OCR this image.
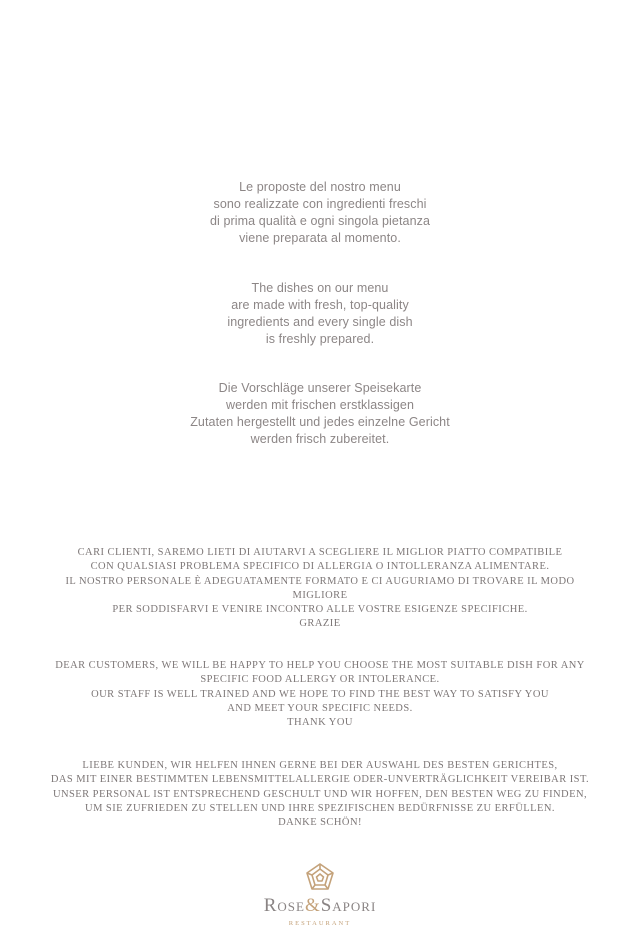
Le proposte del nostro menu
sono realizzate con ingredienti freschi
di prima qualità e ogni singola pietanza
viene preparata al momento.
The dishes on our menu
are made with fresh, top-quality
ingredients and every single dish
is freshly prepared.
Die Vorschläge unserer Speisekarte
werden mit frischen erstklassigen
Zutaten hergestellt und jedes einzelne Gericht
werden frisch zubereitet.
CARI CLIENTI, SAREMO LIETI DI AIUTARVI A SCEGLIERE IL MIGLIOR PIATTO COMPATIBILE
CON QUALSIASI PROBLEMA SPECIFICO DI ALLERGIA O INTOLLERANZA ALIMENTARE.
IL NOSTRO PERSONALE È ADEGUATAMENTE FORMATO E CI AUGURIAMO DI TROVARE IL MODO
MIGLIORE
PER SODDISFARVI E VENIRE INCONTRO ALLE VOSTRE ESIGENZE SPECIFICHE.
GRAZIE
DEAR CUSTOMERS, WE WILL BE HAPPY TO HELP YOU CHOOSE THE MOST SUITABLE DISH FOR ANY
SPECIFIC FOOD ALLERGY OR INTOLERANCE.
OUR STAFF IS WELL TRAINED AND WE HOPE TO FIND THE BEST WAY TO SATISFY YOU
AND MEET YOUR SPECIFIC NEEDS.
THANK YOU
LIEBE KUNDEN, WIR HELFEN IHNEN GERNE BEI DER AUSWAHL DES BESTEN GERICHTES,
DAS MIT EINER BESTIMMTEN LEBENSMITTELALLERGIE ODER-UNVERTRÄGLICHKEIT VEREIBAR IST.
UNSER PERSONAL IST ENTSPRECHEND GESCHULT UND WIR HOFFEN, DEN BESTEN WEG ZU FINDEN,
UM SIE ZUFRIEDEN ZU STELLEN UND IHRE SPEZIFISCHEN BEDÜRFNISSE ZU ERFÜLLEN.
DANKE SCHÖN!
ROSE&SAPORI
RESTAURANT
